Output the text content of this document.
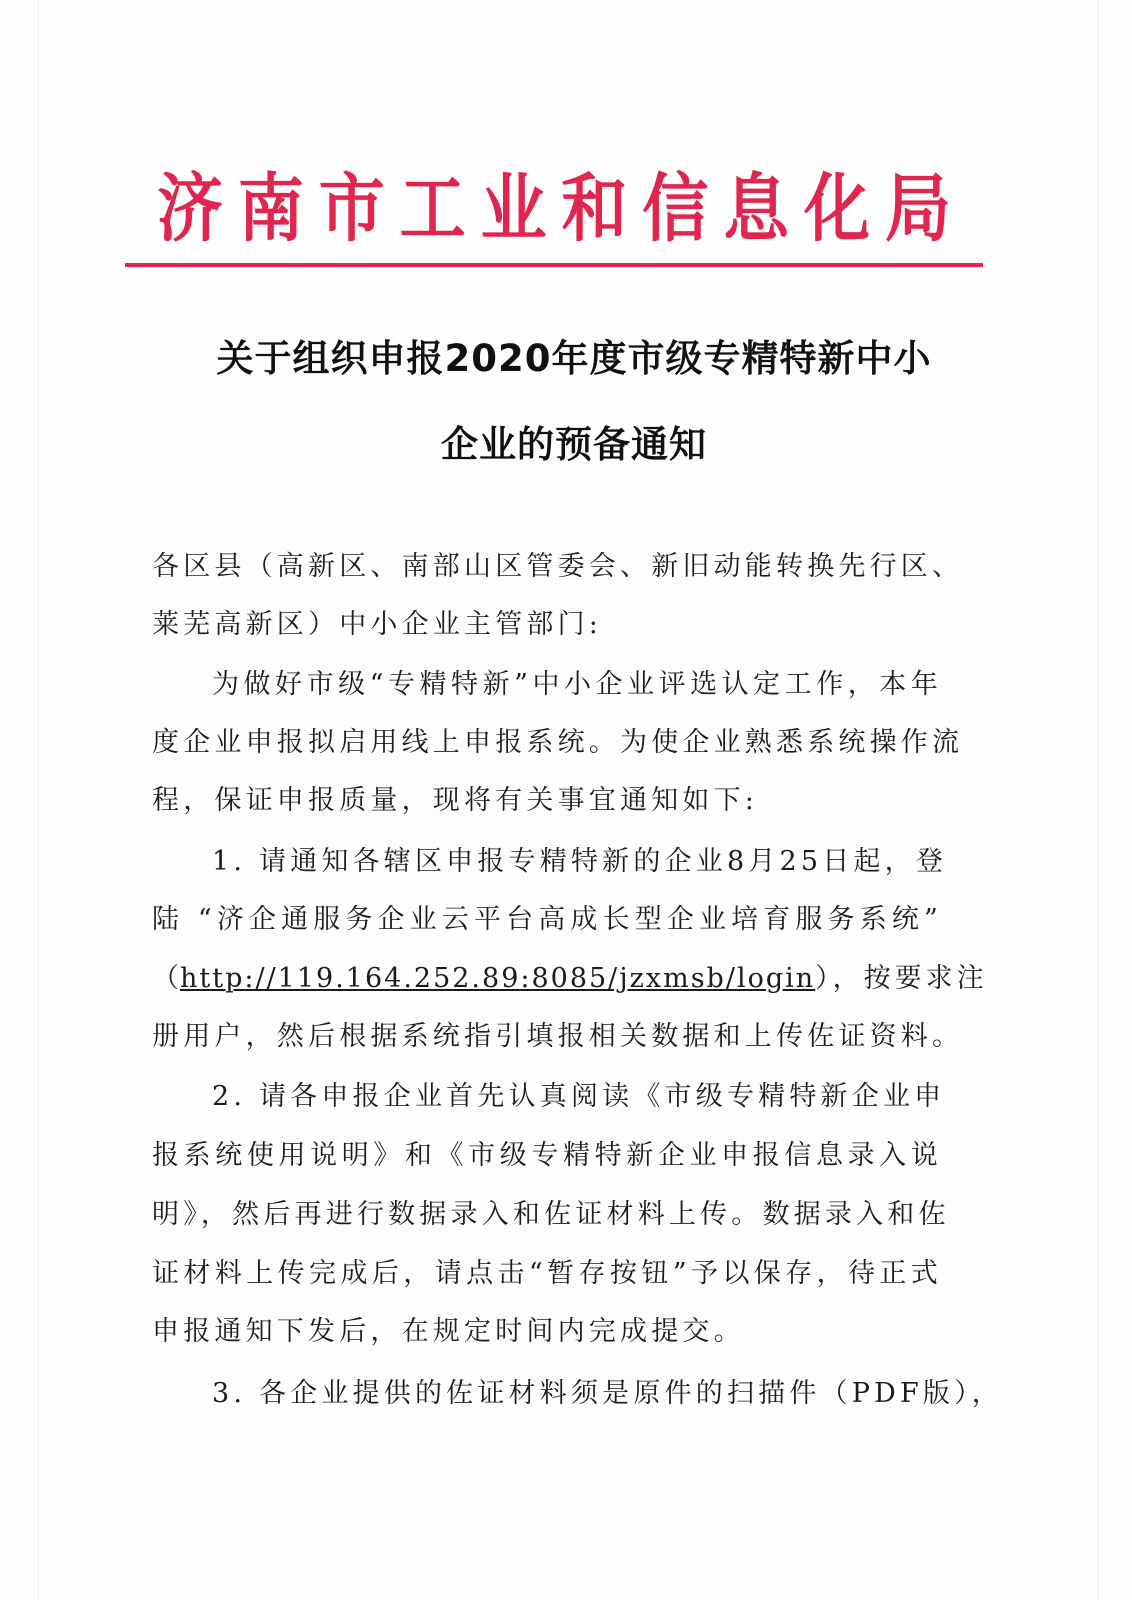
济 南 市 工 业 和 信 息 化 局
关于组织申报2020年度市级专精特新中小
企业的预备通知
各区县（高新区、南部山区管委会、新旧动能转换先行区、
莱芜高新区）中小企业主管部门:
为做好市级“专精特新”中小企业评选认定工作，本年
度企业申报拟启用线上申报系统。为使企业熟悉系统操作流
程，保证申报质量，现将有关事宜通知如下:
1. 请通知各辖区申报专精特新的企业8月25日起，登
陆 “济企通服务企业云平台高成长型企业培育服务系统”
（http://119.164.252.89:8085/jzxmsb/login），按要求注
册用户，然后根据系统指引填报相关数据和上传佐证资料。
2. 请各申报企业首先认真阅读《市级专精特新企业申
报系统使用说明》和《市级专精特新企业申报信息录入说
明》，然后再进行数据录入和佐证材料上传。数据录入和佐
证材料上传完成后，请点击“暂存按钮”予以保存，待正式
申报通知下发后，在规定时间内完成提交。
3. 各企业提供的佐证材料须是原件的扫描件（PDF版），
